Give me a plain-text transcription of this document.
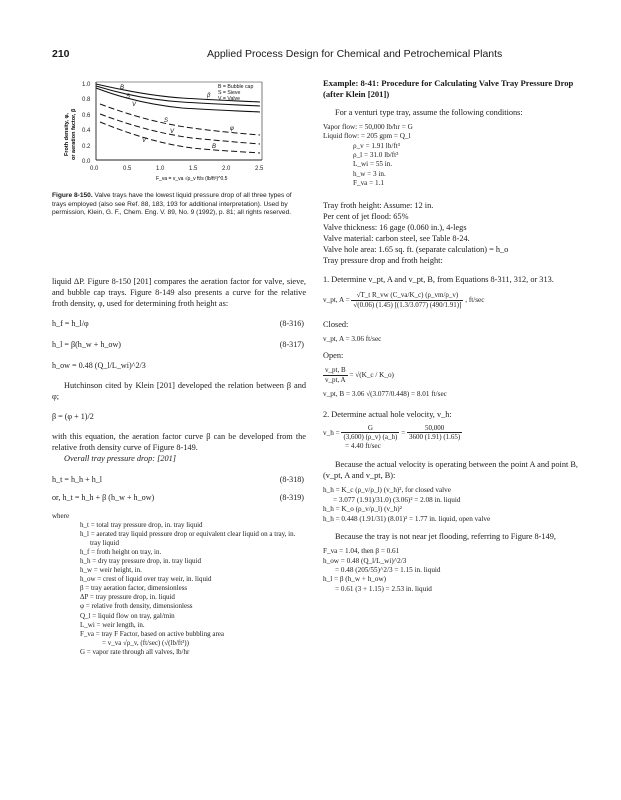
210	Applied Process Design for Chemical and Petrochemical Plants
1.0
0.8
0.6
0.4
0.2
0.0
0.0	0.5	1.0	1.5	2.0	2.5
Froth density, φ, or aeration factor, β
F_va = v_va √ρ_v ft/s (lb/ft³)^0.5
B
S
V
β
S
V	φ
B
V
B = Bubble cap
S = Sieve
V = Valve
Figure 8-150. Valve trays have the lowest liquid pressure drop of all three types of trays employed (also see Ref. 88, 183, 193 for additional interpretation). Used by permission, Klein, G. F., Chem. Eng. V. 89, No. 9 (1992), p. 81; all rights reserved.

liquid ΔP. Figure 8-150 [201] compares the aeration factor for valve, sieve, and bubble cap trays. Figure 8-149 also presents a curve for the relative froth density, φ, used for determining froth height as:

h_f = h_l/φ	(8-316)
h_l = β(h_w + h_ow)	(8-317)
h_ow = 0.48 (Q_l/L_wi)^2/3

Hutchinson cited by Klein [201] developed the relation between β and φ;

β = (φ + 1)/2

with this equation, the aeration factor curve β can be developed from the relative froth density curve of Figure 8-149.

Overall tray pressure drop: [201]

h_t = h_h + h_l	(8-318)
or, h_t = h_h + β (h_w + h_ow)	(8-319)
where
h_t = total tray pressure drop, in. tray liquid
h_l = aerated tray liquid pressure drop or equivalent clear liquid on a tray, in. tray liquid
h_f = froth height on tray, in.
h_h = dry tray pressure drop, in. tray liquid
h_w = weir height, in.
h_ow = crest of liquid over tray weir, in. liquid
β = tray aeration factor, dimensionless
ΔP = tray pressure drop, in. liquid
φ = relative froth density, dimensionless
Q_l = liquid flow on tray, gal/min
L_wi = weir length, in.
F_va = tray F Factor, based on active bubbling area
= v_va √ρ_v, (ft/sec) (√(lb/ft³))
G = vapor rate through all valves, lb/hr
Example: 8-41: Procedure for Calculating Valve Tray Pressure Drop (after Klein [201])

For a venturi type tray, assume the following conditions:

Vapor flow: = 50,000 lb/hr = G
Liquid flow: = 205 gpm = Q_l
ρ_v = 1.91 lb/ft³
ρ_l = 31.0 lb/ft³
L_wi = 55 in.
h_w = 3 in.
F_va = 1.1
Tray froth height: Assume: 12 in.
Per cent of jet flood: 65%
Valve thickness: 16 gage (0.060 in.), 4-legs
Valve material: carbon steel, see Table 8-24.
Valve hole area: 1.65 sq. ft. (separate calculation) = h_o
Tray pressure drop and froth height:

1. Determine v_pt, A and v_pt, B, from Equations 8-311, 312, or 313.

v_pt, $A = \frac{\text{√T\_t R\_vw (C\_va/K\_c) (ρ\_vm/ρ\_v)}}{√(0.06) (1.45) [(1.3/3.077) (490/1.91)]}$ , ft/sec

Closed:

v_pt, A = 3.06 ft/sec

Open:

$\frac{v\_pt, B}{v\_pt, A}$ = √(K_c / K_o)
v_pt, B = 3.06 √(3.077/0.448) = 8.01 ft/sec

2. Determine actual hole velocity, v_h:

v_h = $\frac{G}{(3,600) (\rho\_v) (a\_h)} = \frac{50,000}{3600 (1.91) (1.65)}$
= 4.40 ft/sec

Because the actual velocity is operating between the point A and point B, (v_pt, A and v_pt, B):

h_h = K_c (ρ_v/ρ_l) (v_h)², for closed valve
= 3.077 (1.91)/31.0) (3.06)² = 2.08 in. liquid
h_h = K_o (ρ_v/ρ_l) (v_h)²
h_h = 0.448 (1.91/31) (8.01)² = 1.77 in. liquid, open valve

Because the tray is not near jet flooding, referring to Figure 8-149,

F_va = 1.04, then β = 0.61
h_ow = 0.48 (Q_l/L_wi)^2/3
= 0.48 (205/55)^2/3 = 1.15 in. liquid
h_l = β (h_w + h_ow)
= 0.61 (3 + 1.15) = 2.53 in. liquid
